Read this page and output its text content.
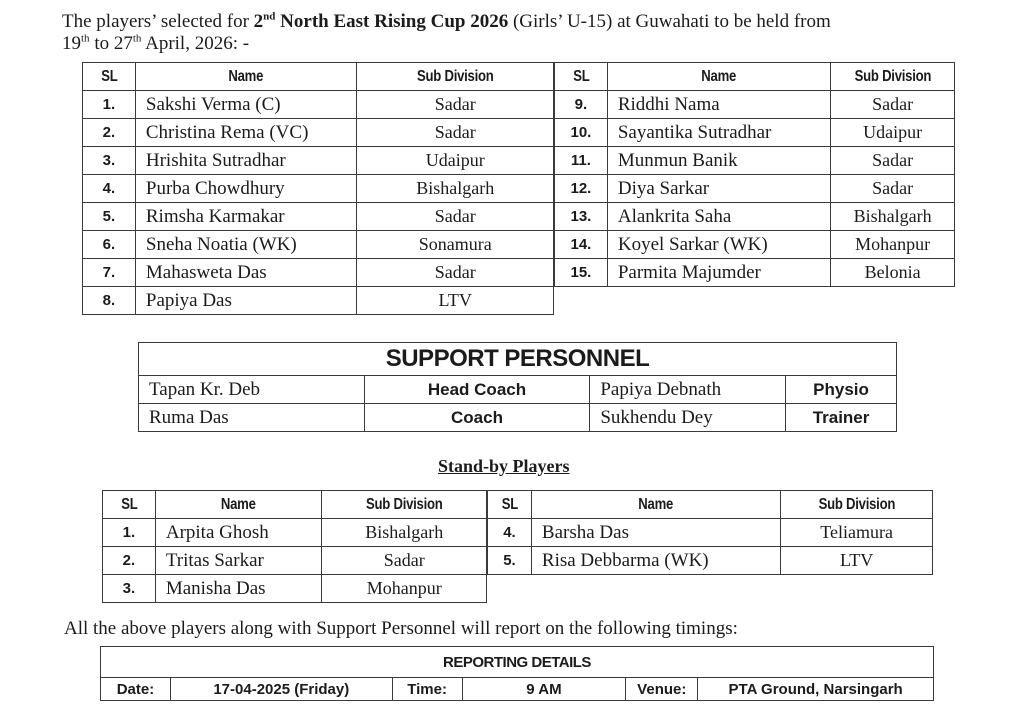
The players’ selected for 2nd North East Rising Cup 2026 (Girls’ U-15) at Guwahati to be held from
19th to 27th April, 2026: -
SL	Name	Sub Division
1.	Sakshi Verma (C)	Sadar
2.	Christina Rema (VC)	Sadar
3.	Hrishita Sutradhar	Udaipur
4.	Purba Chowdhury	Bishalgarh
5.	Rimsha Karmakar	Sadar
6.	Sneha Noatia (WK)	Sonamura
7.	Mahasweta Das	Sadar
8.	Papiya Das	LTV
SL	Name	Sub Division
9.	Riddhi Nama	Sadar
10.	Sayantika Sutradhar	Udaipur
11.	Munmun Banik	Sadar
12.	Diya Sarkar	Sadar
13.	Alankrita Saha	Bishalgarh
14.	Koyel Sarkar (WK)	Mohanpur
15.	Parmita Majumder	Belonia
SUPPORT PERSONNEL			
Tapan Kr. Deb	Head Coach	Papiya Debnath	Physio
Ruma Das	Coach	Sukhendu Dey	Trainer
Stand-by Players
SL	Name	Sub Division
1.	Arpita Ghosh	Bishalgarh
2.	Tritas Sarkar	Sadar
3.	Manisha Das	Mohanpur
SL	Name	Sub Division
4.	Barsha Das	Teliamura
5.	Risa Debbarma (WK)	LTV
All the above players along with Support Personnel will report on the following timings:
REPORTING DETAILS
Date:	17-04-2025 (Friday)	Time:	9 AM	Venue:	PTA Ground, Narsingarh
